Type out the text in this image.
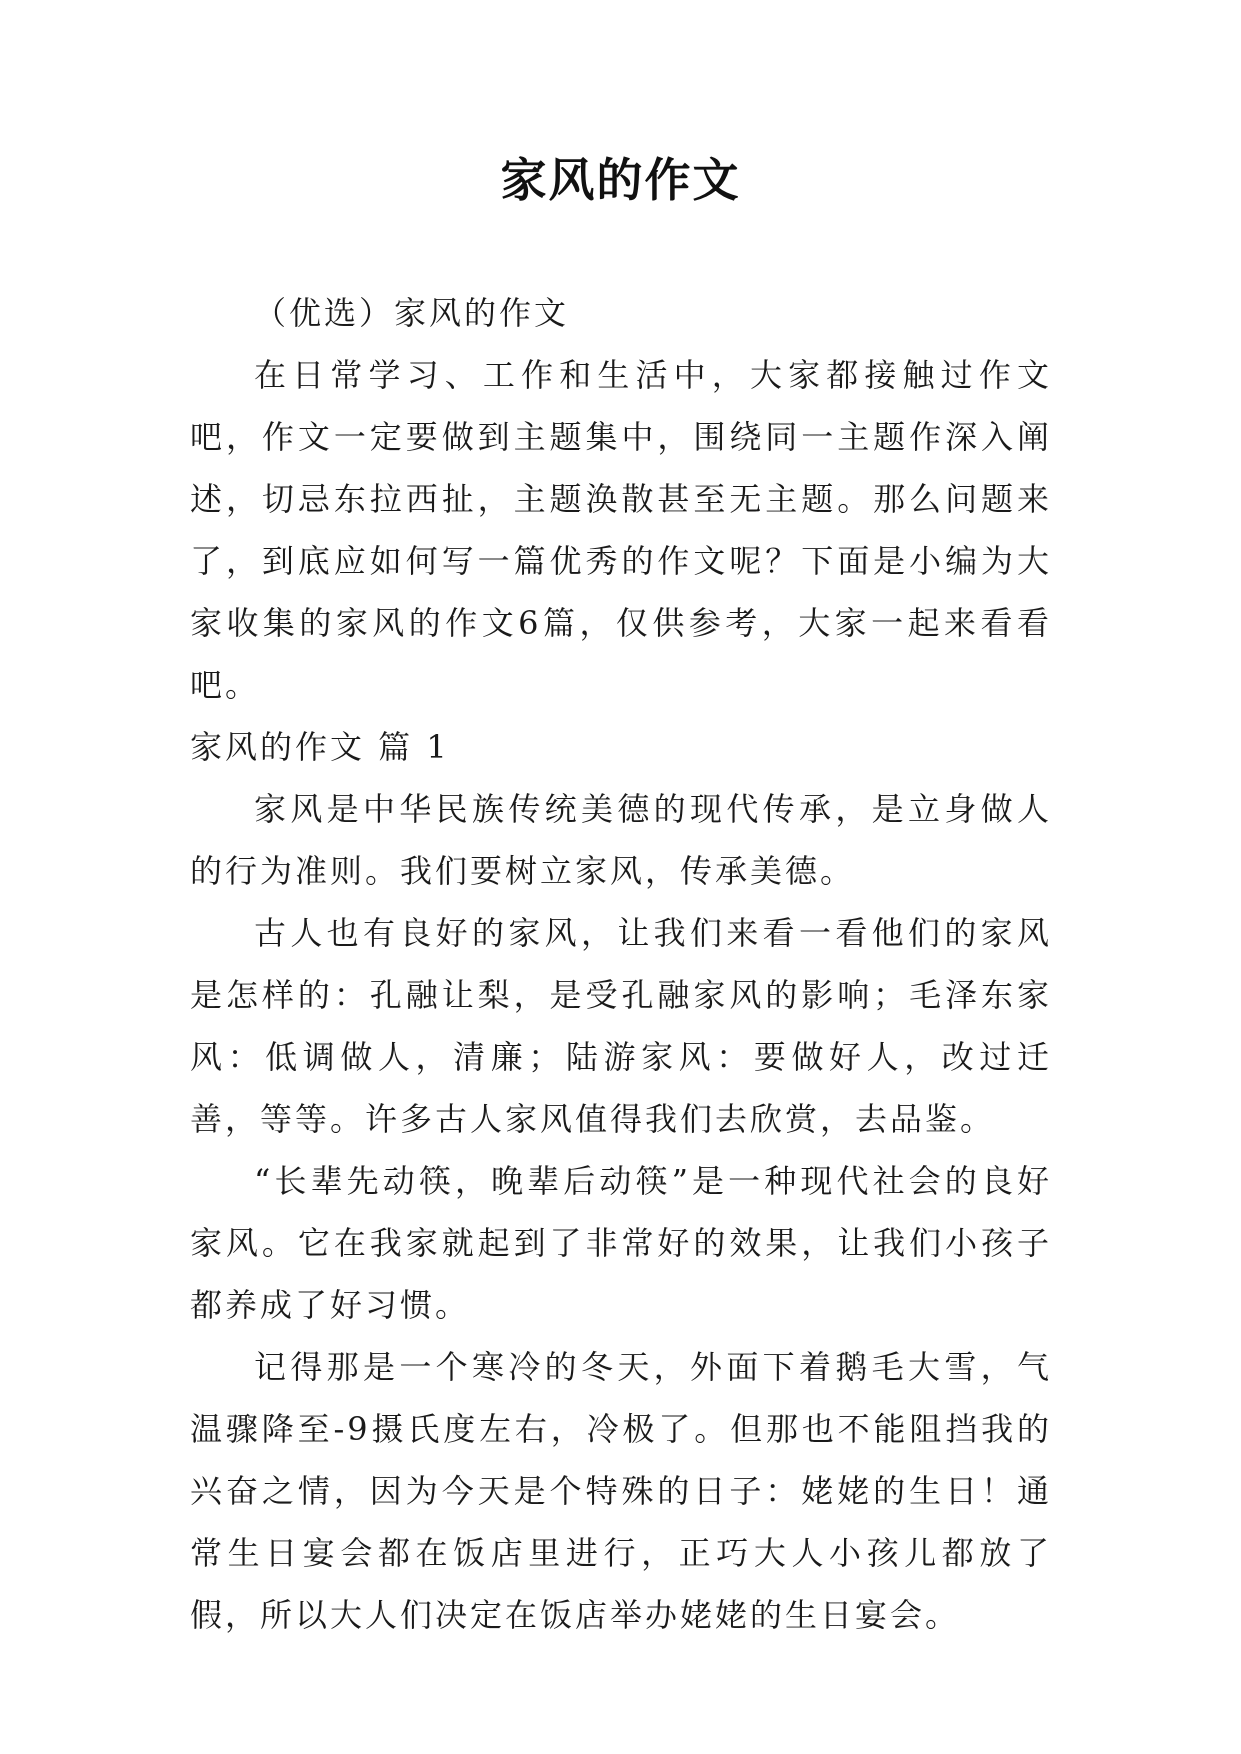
家风的作文

（优选）家风的作文

在日常学习、工作和生活中，大家都接触过作文吧，作文一定要做到主题集中，围绕同一主题作深入阐述，切忌东拉西扯，主题涣散甚至无主题。那么问题来了，到底应如何写一篇优秀的作文呢？下面是小编为大家收集的家风的作文6篇，仅供参考，大家一起来看看吧。

家风的作文 篇 1

家风是中华民族传统美德的现代传承，是立身做人的行为准则。我们要树立家风，传承美德。

古人也有良好的家风，让我们来看一看他们的家风是怎样的：孔融让梨，是受孔融家风的影响；毛泽东家风：低调做人，清廉；陆游家风：要做好人，改过迁善，等等。许多古人家风值得我们去欣赏，去品鉴。

“长辈先动筷，晚辈后动筷”是一种现代社会的良好家风。它在我家就起到了非常好的效果，让我们小孩子都养成了好习惯。

记得那是一个寒冷的冬天，外面下着鹅毛大雪，气温骤降至-9摄氏度左右，冷极了。但那也不能阻挡我的兴奋之情，因为今天是个特殊的日子：姥姥的生日！通常生日宴会都在饭店里进行，正巧大人小孩儿都放了假，所以大人们决定在饭店举办姥姥的生日宴会。
